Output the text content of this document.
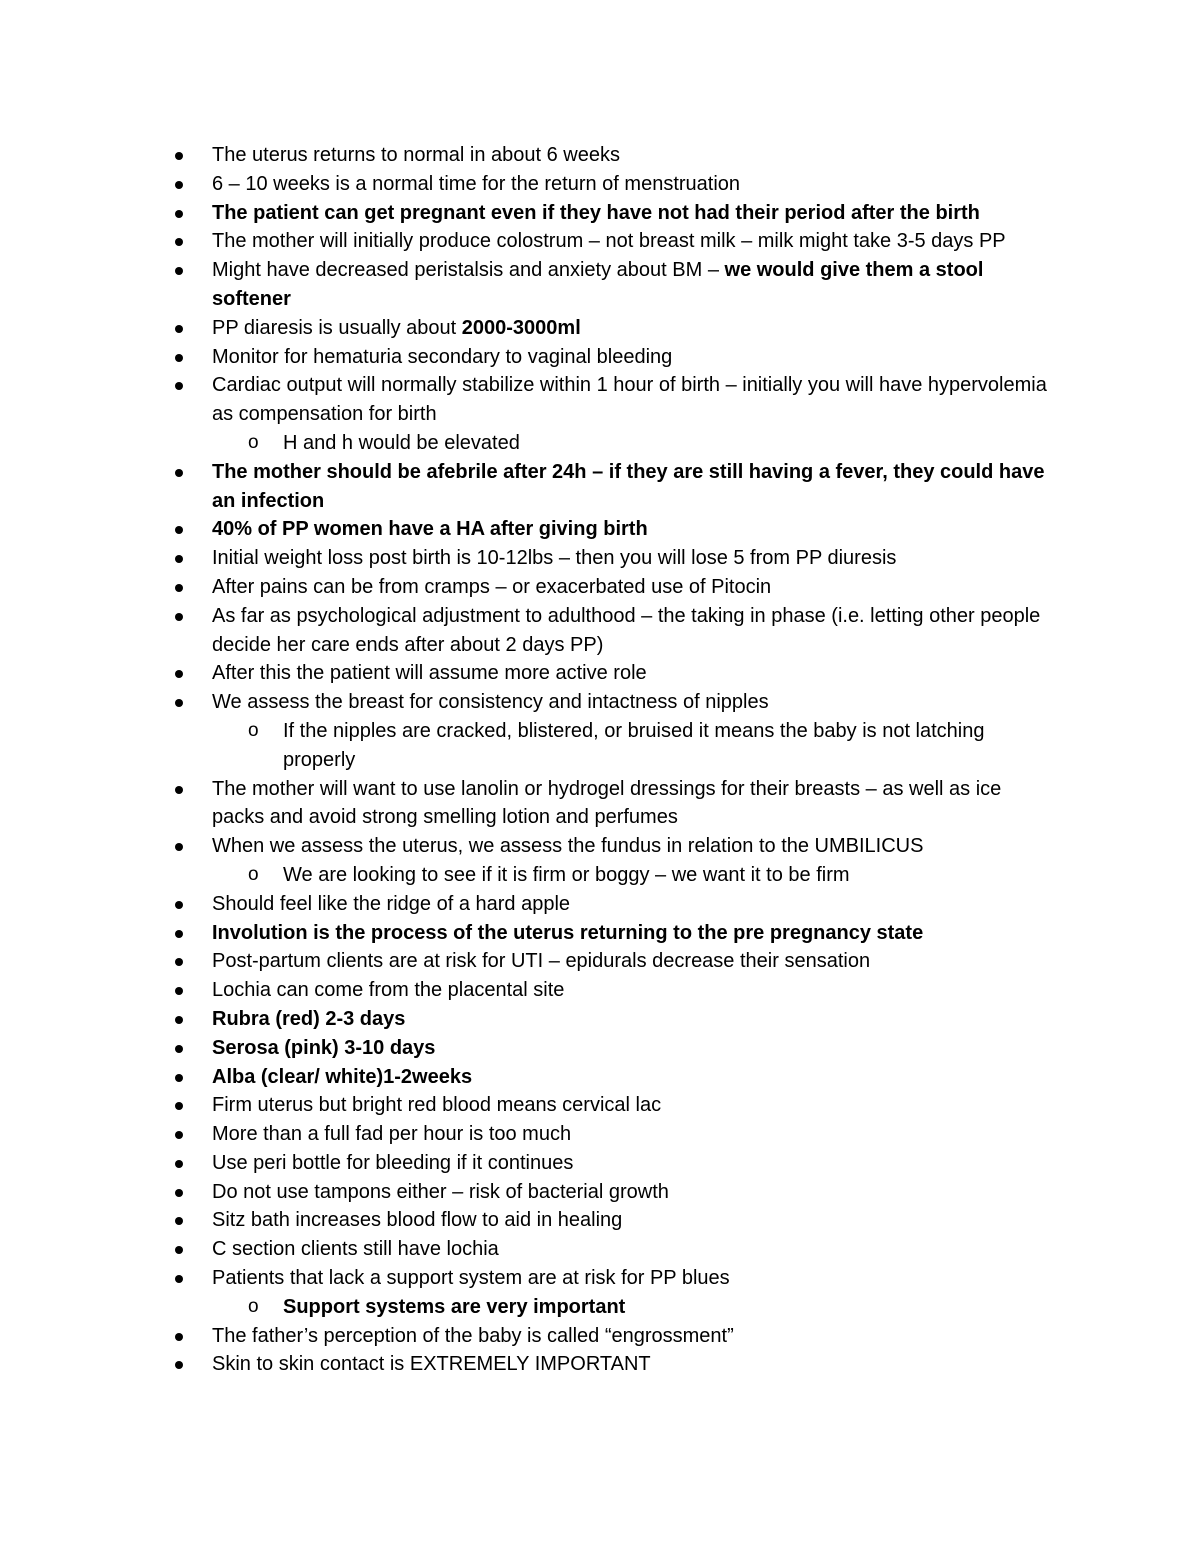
The uterus returns to normal in about 6 weeks
6 – 10 weeks is a normal time for the return of menstruation
The patient can get pregnant even if they have not had their period after the birth
The mother will initially produce colostrum – not breast milk – milk might take 3-5 days PP
Might have decreased peristalsis and anxiety about BM – we would give them a stool softener
PP diaresis is usually about 2000-3000ml
Monitor for hematuria secondary to vaginal bleeding
Cardiac output will normally stabilize within 1 hour of birth – initially you will have hypervolemia as compensation for birth
o H and h would be elevated
The mother should be afebrile after 24h – if they are still having a fever, they could have an infection
40% of PP women have a HA after giving birth
Initial weight loss post birth is 10-12lbs – then you will lose 5 from PP diuresis
After pains can be from cramps – or exacerbated use of Pitocin
As far as psychological adjustment to adulthood – the taking in phase (i.e. letting other people decide her care ends after about 2 days PP)
After this the patient will assume more active role
We assess the breast for consistency and intactness of nipples
o If the nipples are cracked, blistered, or bruised it means the baby is not latching properly
The mother will want to use lanolin or hydrogel dressings for their breasts – as well as ice packs and avoid strong smelling lotion and perfumes
When we assess the uterus, we assess the fundus in relation to the UMBILICUS
o We are looking to see if it is firm or boggy – we want it to be firm
Should feel like the ridge of a hard apple
Involution is the process of the uterus returning to the pre pregnancy state
Post-partum clients are at risk for UTI – epidurals decrease their sensation
Lochia can come from the placental site
Rubra (red) 2-3 days
Serosa (pink) 3-10 days
Alba (clear/ white)1-2weeks
Firm uterus but bright red blood means cervical lac
More than a full fad per hour is too much
Use peri bottle for bleeding if it continues
Do not use tampons either – risk of bacterial growth
Sitz bath increases blood flow to aid in healing
C section clients still have lochia
Patients that lack a support system are at risk for PP blues
o Support systems are very important
The father’s perception of the baby is called “engrossment”
Skin to skin contact is EXTREMELY IMPORTANT
